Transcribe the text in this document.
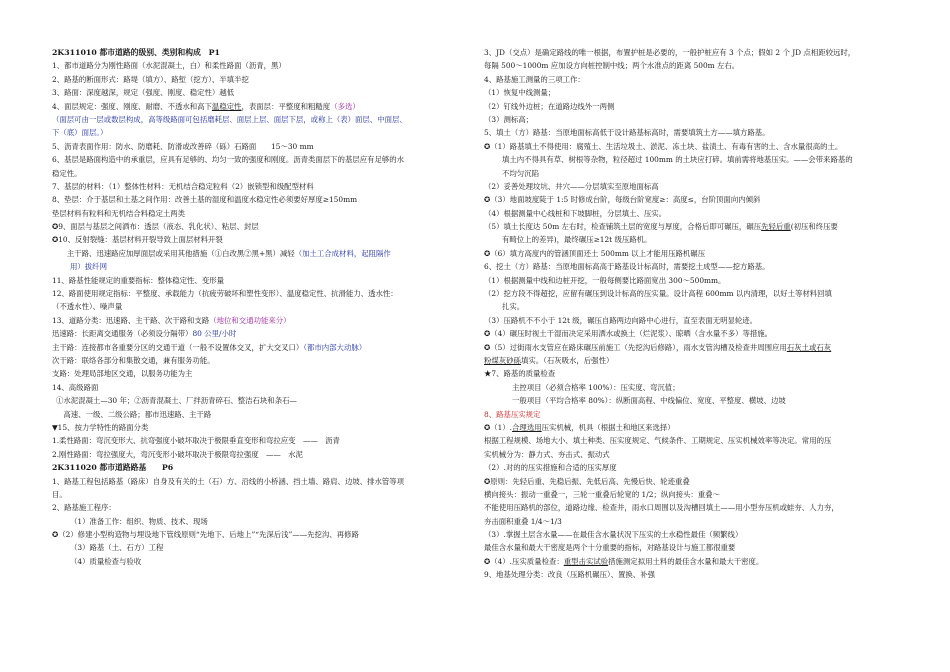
2K311010 都市道路的级别、类别和构成　P1
1、都市道路分为刚性路面（水泥混凝土，白）和柔性路面（沥青，黑）
2、路基的断面形式：路堤（填方）、路堑（挖方）、半填半挖
3、路面：深度越深，规定（强度、刚度、稳定性）越低
4、面层规定：强度、刚度、耐磨、不透水和高下温稳定性，表面层：平整度和粗糙度（多选）
（面层可由一层或数层构成，高等级路面可包括磨耗层、面层上层、面层下层，或称上（表）面层、中面层、
下（底）面层。）
5、沥青表面作用：防水、防磨耗、防滑或改善碎（砾）石路面　　15～30 mm
6、基层是路面构造中的承重层，应具有足够的、均匀一致的强度和刚度。沥青类面层下的基层应有足够的水
稳定性。
7、基层的材料：（1）整体性材料：无机结合稳定粒料（2）嵌锁型和级配型材料
8、垫层：介于基层和土基之间作用：改善土基的湿度和温度水稳定性必须要好厚度≥150mm
垫层材料有粒料和无机结合料稳定土两类
✪9、面层与基层之间洒布：透层（液态、乳化状）、粘层、封层
✪10、反射裂缝：基层材料开裂导致上面层材料开裂
　　主干路、迅速路应加厚面层或采用其他措施（①白改黑②黑+黑）减轻（加土工合成材料，起阻隔作
用）拔纤网
11、路基性能规定的重要指标：整体稳定性、变形量
12、路面使用规定指标：平整度、承载能力（抗疲劳破坏和塑性变形）、温度稳定性、抗滑能力、透水性：
（不透水性）、噪声量
13、道路分类：迅速路、主干路、次干路和支路（地位和交通功能来分）
迅速路：长距离交通服务（必须设分隔带）80 公里/小时
主干路：连接都市各重要分区的交通干道（一般不设置体交叉，扩大交叉口）（都市内部大动脉）
次干路：联络各部分和集散交通，兼有服务功能。
支路：处理局部地区交通，以服务功能为主
14、高级路面
①水泥混凝土—30 年；②沥青混凝土、厂拌沥青碎石、整洁石块和条石—
　高速、一级、二级公路；都市迅速路、主干路
▼15、按力学特性的路面分类
1.柔性路面：弯沉变形大、抗弯强度小破坏取决于极限垂直变形和弯拉应变　——　沥青
2.刚性路面：弯拉强度大，弯沉变形小破坏取决于极限弯拉强度　——　水泥
2K311020 都市道路路基　　P6
1、路基工程包括路基（路床）自身及有关的土（石）方、沿线的小桥涵、挡土墙、路肩、边坡、排水管等项
目。
2、路基施工程序：
（1）准备工作：组织、物质、技术、现场
✪（2）修建小型构造物与埋设地下管线原则“先地下、后地上”“先深后浅”——先挖沟、再修路
（3）路基（土、石方）工程
（4）质量检查与验收
3、JD（交点）是确定路线的唯一根据，布置护桩是必要的，一般护桩应有 3 个点；假如 2 个 JD 点相距较远时，
每隔 500～1000m 应加设方向桩控制中线；两个水准点的距离 500m 左右。
4、路基施工测量的三项工作：
（1）恢复中线测量；
（2）钉线外边桩；在道路边线外一两侧
（3）测标高；
5、填土（方）路基：当原地面标高低于设计路基标高时，需要填筑土方——填方路基。
✪（1）路基填土不得使用：腐殖土、生活垃圾土、淤泥、冻土块、盐渍土、有毒有害的土、含水量很高的土。
填土内不得具有草、树根等杂物，粒径超过 100mm 的土块应打碎。填前需将地基压实。——会带来路基的
不均匀沉陷
（2）妥善处理坟坑、井穴——分层填实至原地面标高
✪（3）地面坡度陡于 1:5 时修成台阶，每级台阶宽度≥：高度≤，台阶顶面向内倾斜
（4）根据测量中心线桩和下坡脚桩，分层填土、压实。
（5）填土长度达 50m 左右时，检查铺筑土层的宽度与厚度，合格后即可碾压，碾压先轻后重(初压和终压要
有畸位上的差异)，最终碾压≥12t 级压路机。
✪（6）填方高度内的管涵顶面还土 500mm 以上才能用压路机碾压
6、挖土（方）路基：当原地面标高高于路基设计标高时，需要挖土成型——挖方路基。
（1）根据测量中线和边桩开挖，一般每侧要比路面宽出 300～500mm。
（2）挖方段不得超挖，应留有碾压到设计标高的压实量。设计高程 600mm 以内清理，以好土等材料回填
扎实。
（3）压路机不不小于 12t 级，碾压自路两边向路中心进行，直至表面无明显轮迹。
✪（4）碾压时视土干湿而决定采用洒水或换土（烂泥浆）、晾晒（含水量不多）等措施。
✪（5）过街雨水支管应在路床碾压前施工（先挖沟后修路），雨水支管沟槽及检查井周围应用石灰土或石灰
粉煤灰砂砾填实。（石灰吸水，后强性）
★7、路基的质量检查
主控项目（必须合格率 100%）：压实度、弯沉值；
一般项目（平均合格率 80%）：纵断面高程、中线偏位、宽度、平整度、横坡、边坡
8、路基压实规定
✪（1）.合理选用压实机械，机具（根据土和地区来选择）
根据工程规模、场地大小、填土种类、压实度规定、气候条件、工期规定、压实机械效率等决定。常用的压
实机械分为：静力式、夯击式、振动式
（2）.对的的压实措施和合适的压实厚度
✪原则：先轻后重、先稳后振、先低后高、先慢后快、轮迹重叠
横向接头：振动一重叠一，三轮一重叠后轮宽的 1/2；纵向接头：重叠～
不能使用压路机的部位，道路边缘、检查井，雨水口周围以及沟槽回填土——用小型夯压机或蛙夯、人力夯，
夯击面积重叠 1/4～1/3
（3）.掌握土层含水量——在最佳含水量状况下压实的土水稳性最佳（频繁线）
最佳含水量和最大干密度是两个十分重要的指标，对路基设计与施工都很重要
✪（4）.压实质量检查：重型击实试验措施测定拟用土料的最佳含水量和最大干密度。
9、地基处理分类：改良（压路机碾压）、置换、补强
